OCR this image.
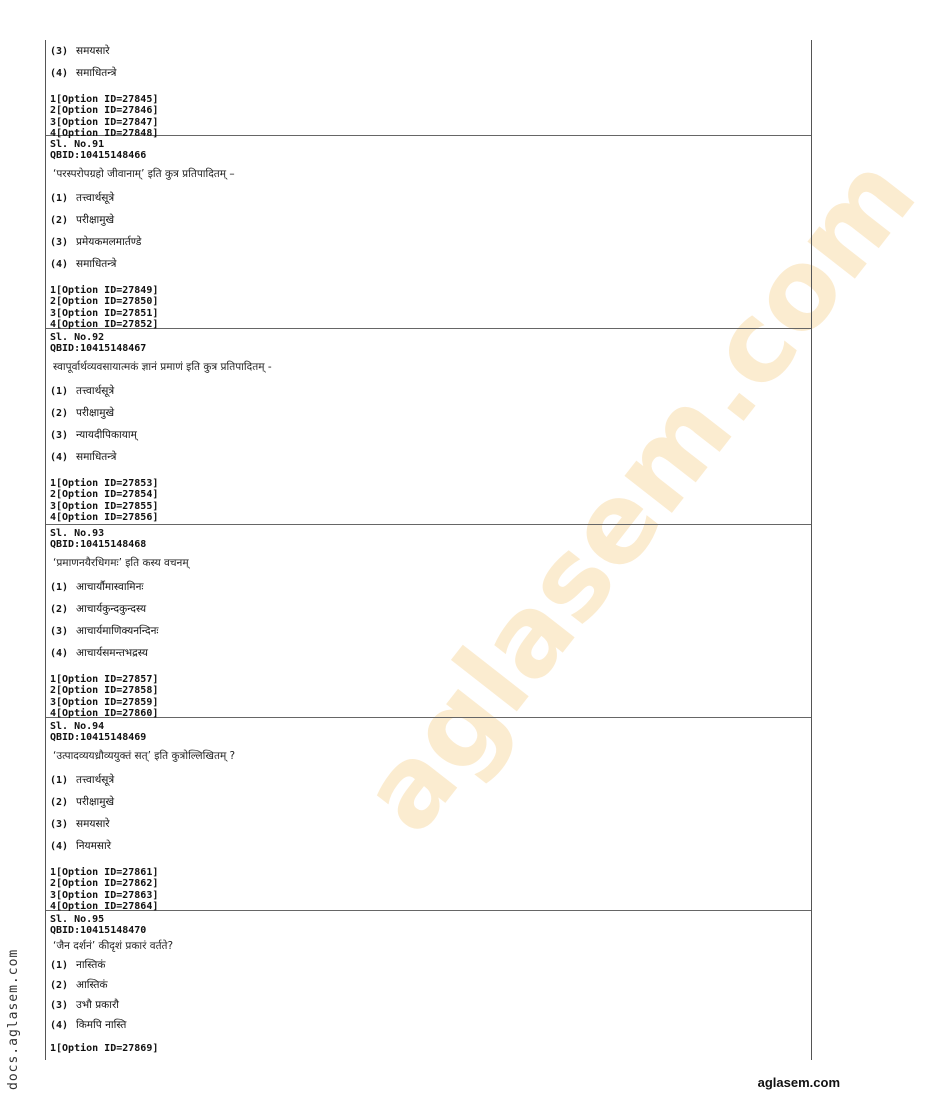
aglasem.com
(3) समयसारे
(4) समाधितन्त्रे
1[Option ID=27845]
2[Option ID=27846]
3[Option ID=27847]
4[Option ID=27848]
Sl. No.91
QBID:10415148466
‘परस्परोपग्रहो जीवानाम्’ इति कुत्र प्रतिपादितम् –
(1) तत्त्वार्थसूत्रे
(2) परीक्षामुखे
(3) प्रमेयकमलमार्तण्डे
(4) समाधितन्त्रे
1[Option ID=27849]
2[Option ID=27850]
3[Option ID=27851]
4[Option ID=27852]
Sl. No.92
QBID:10415148467
स्वापूर्वार्थव्यवसायात्मकं ज्ञानं प्रमाणं इति कुत्र प्रतिपादितम् -
(1) तत्त्वार्थसूत्रे
(2) परीक्षामुखे
(3) न्यायदीपिकायाम्
(4) समाधितन्त्रे
1[Option ID=27853]
2[Option ID=27854]
3[Option ID=27855]
4[Option ID=27856]
Sl. No.93
QBID:10415148468
‘प्रमाणनयैरधिगमः’ इति कस्य वचनम्
(1) आचार्यौमास्वामिनः
(2) आचार्यकुन्दकुन्दस्य
(3) आचार्यमाणिक्यनन्दिनः
(4) आचार्यसमन्तभद्रस्य
1[Option ID=27857]
2[Option ID=27858]
3[Option ID=27859]
4[Option ID=27860]
Sl. No.94
QBID:10415148469
‘उत्पादव्ययध्रौव्ययुक्तं सत्’ इति कुत्रोल्लिखितम् ?
(1) तत्त्वार्थसूत्रे
(2) परीक्षामुखे
(3) समयसारे
(4) नियमसारे
1[Option ID=27861]
2[Option ID=27862]
3[Option ID=27863]
4[Option ID=27864]
Sl. No.95
QBID:10415148470
‘जैन दर्शनं’ कीदृशं प्रकारं वर्तते?
(1) नास्तिकं
(2) आस्तिकं
(3) उभौ प्रकारौ
(4) किमपि नास्ति
1[Option ID=27869]
docs.aglasem.com	aglasem.com
